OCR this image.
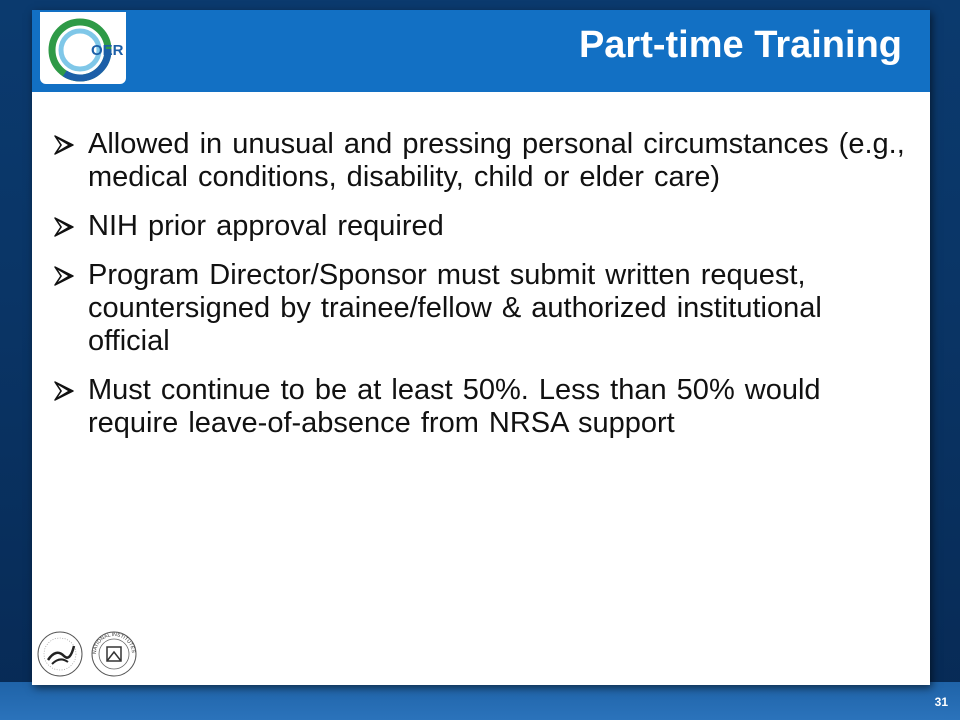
31
Part-time Training
OER
Allowed in unusual and pressing personal circumstances (e.g., medical conditions, disability, child or elder care)
NIH prior approval required
Program Director/Sponsor must submit written request, countersigned by trainee/fellow & authorized institutional official
Must continue to be at least 50%. Less than 50% would require leave-of-absence from NRSA support
NATIONAL INSTITUTES
